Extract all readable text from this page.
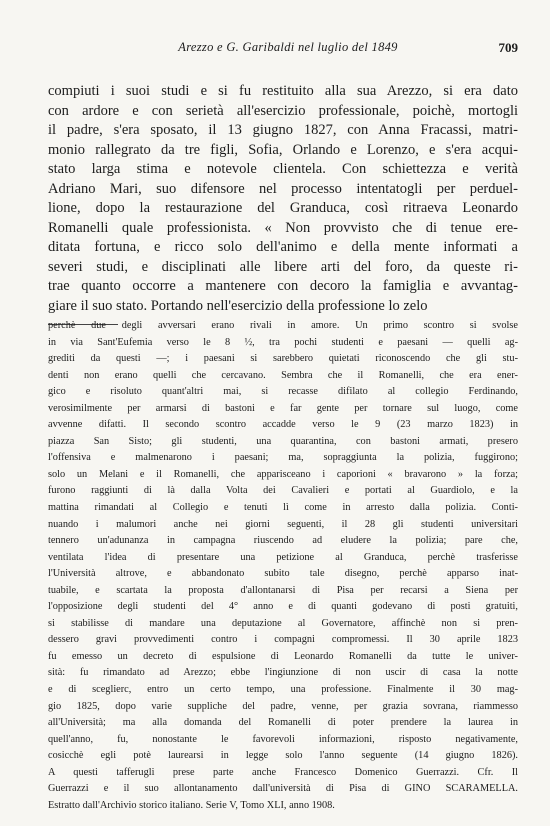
Arezzo e G. Garibaldi nel luglio del 1849	709
compiuti i suoi studi e si fu restituito alla sua Arezzo, si era dato
con ardore e con serietà all'esercizio professionale, poichè, mortogli
il padre, s'era sposato, il 13 giugno 1827, con Anna Fracassi, matri-
monio rallegrato da tre figli, Sofia, Orlando e Lorenzo, e s'era acqui-
stato larga stima e notevole clientela. Con schiettezza e verità
Adriano Mari, suo difensore nel processo intentatogli per perduel-
lione, dopo la restaurazione del Granduca, così ritraeva Leonardo
Romanelli quale professionista. « Non provvisto che di tenue ere-
ditata fortuna, e ricco solo dell'animo e della mente informati a
severi studi, e disciplinati alle libere arti del foro, da queste ri-
trae quanto occorre a mantenere con decoro la famiglia e avvantag-
giare il suo stato. Portando nell'esercizio della professione lo zelo
perchè due degli avversari erano rivali in amore. Un primo scontro si svolse
in via Sant'Eufemia verso le 8 ½, tra pochi studenti e paesani — quelli ag-
grediti da questi —; i paesani si sarebbero quietati riconoscendo che gli stu-
denti non erano quelli che cercavano. Sembra che il Romanelli, che era ener-
gico e risoluto quant'altri mai, si recasse difilato al collegio Ferdinando,
verosimilmente per armarsi di bastoni e far gente per tornare sul luogo, come
avvenne difatti. Il secondo scontro accadde verso le 9 (23 marzo 1823) in
piazza San Sisto; gli studenti, una quarantina, con bastoni armati, presero
l'offensiva e malmenarono i paesani; ma, sopraggiunta la polizia, fuggirono;
solo un Melani e il Romanelli, che apparisceano i caporioni « bravarono » la forza;
furono raggiunti di là dalla Volta dei Cavalieri e portati al Guardiolo, e la
mattina rimandati al Collegio e tenuti lì come in arresto dalla polizia. Conti-
nuando i malumori anche nei giorni seguenti, il 28 gli studenti universitari
tennero un'adunanza in campagna riuscendo ad eludere la polizia; pare che,
ventilata l'idea di presentare una petizione al Granduca, perchè trasferisse
l'Università altrove, e abbandonato subito tale disegno, perchè apparso inat-
tuabile, e scartata la proposta d'allontanarsi di Pisa per recarsi a Siena per
l'opposizione degli studenti del 4° anno e di quanti godevano di posti gratuiti,
si stabilisse di mandare una deputazione al Governatore, affinchè non si pren-
dessero gravi provvedimenti contro i compagni compromessi. Il 30 aprile 1823
fu emesso un decreto di espulsione di Leonardo Romanelli da tutte le univer-
sità: fu rimandato ad Arezzo; ebbe l'ingiunzione di non uscir di casa la notte
e di sceglierc, entro un certo tempo, una professione. Finalmente il 30 mag-
gio 1825, dopo varie suppliche del padre, venne, per grazia sovrana, riammesso
all'Università; ma alla domanda del Romanelli di poter prendere la laurea in
quell'anno, fu, nonostante le favorevoli informazioni, risposto negativamente,
cosicchè egli potè laurearsi in legge solo l'anno seguente (14 giugno 1826).
A questi tafferugli prese parte anche Francesco Domenico Guerrazzi. Cfr. Il
Guerrazzi e il suo allontanamento dall'università di Pisa di GINO SCARAMELLA.
Estratto dall'Archivio storico italiano. Serie V, Tomo XLI, anno 1908.
